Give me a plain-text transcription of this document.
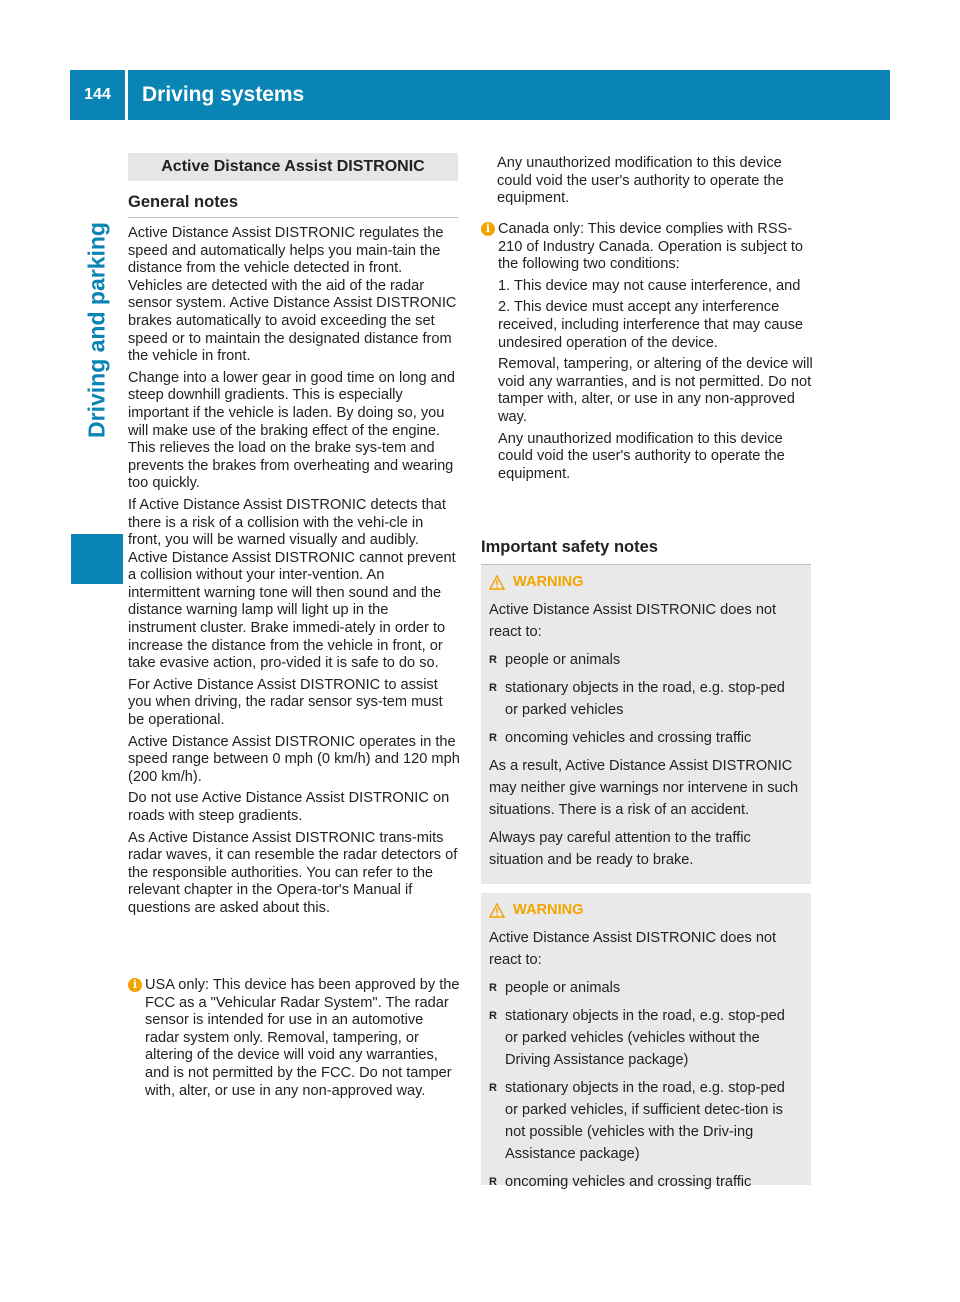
144	Driving systems
Driving and parking
Active Distance Assist DISTRONIC
General notes

Active Distance Assist DISTRONIC regulates the speed and automatically helps you main-tain the distance from the vehicle detected in front. Vehicles are detected with the aid of the radar sensor system. Active Distance Assist DISTRONIC brakes automatically to avoid exceeding the set speed or to maintain the designated distance from the vehicle in front.

Change into a lower gear in good time on long and steep downhill gradients. This is especially important if the vehicle is laden. By doing so, you will make use of the braking effect of the engine. This relieves the load on the brake sys-tem and prevents the brakes from overheating and wearing too quickly.

If Active Distance Assist DISTRONIC detects that there is a risk of a collision with the vehi-cle in front, you will be warned visually and audibly. Active Distance Assist DISTRONIC cannot prevent a collision without your inter-vention. An intermittent warning tone will then sound and the distance warning lamp will light up in the instrument cluster. Brake immedi-ately in order to increase the distance from the vehicle in front, or take evasive action, pro-vided it is safe to do so.

For Active Distance Assist DISTRONIC to assist you when driving, the radar sensor sys-tem must be operational.

Active Distance Assist DISTRONIC operates in the speed range between 0 mph (0 km/h) and 120 mph (200 km/h).

Do not use Active Distance Assist DISTRONIC on roads with steep gradients.

As Active Distance Assist DISTRONIC trans-mits radar waves, it can resemble the radar detectors of the responsible authorities. You can refer to the relevant chapter in the Opera-tor's Manual if questions are asked about this.

i USA only: This device has been approved by the FCC as a "Vehicular Radar System". The radar sensor is intended for use in an automotive radar system only. Removal, tampering, or altering of the device will void any warranties, and is not permitted by the FCC. Do not tamper with, alter, or use in any non-approved way.

Any unauthorized modification to this device could void the user's authority to operate the equipment.

i Canada only: This device complies with RSS-210 of Industry Canada. Operation is subject to the following two conditions:

1. This device may not cause interference, and

2. This device must accept any interference received, including interference that may cause undesired operation of the device.

Removal, tampering, or altering of the device will void any warranties, and is not permitted. Do not tamper with, alter, or use in any non-approved way.

Any unauthorized modification to this device could void the user's authority to operate the equipment.

Important safety notes
WARNING

Active Distance Assist DISTRONIC does not react to:

R people or animals
R stationary objects in the road, e.g. stop-ped or parked vehicles
R oncoming vehicles and crossing traffic

As a result, Active Distance Assist DISTRONIC may neither give warnings nor intervene in such situations. There is a risk of an accident.

Always pay careful attention to the traffic situation and be ready to brake.

WARNING

Active Distance Assist DISTRONIC does not react to:

R people or animals
R stationary objects in the road, e.g. stop-ped or parked vehicles (vehicles without the Driving Assistance package)
R stationary objects in the road, e.g. stop-ped or parked vehicles, if sufficient detec-tion is not possible (vehicles with the Driv-ing Assistance package)
R oncoming vehicles and crossing traffic
